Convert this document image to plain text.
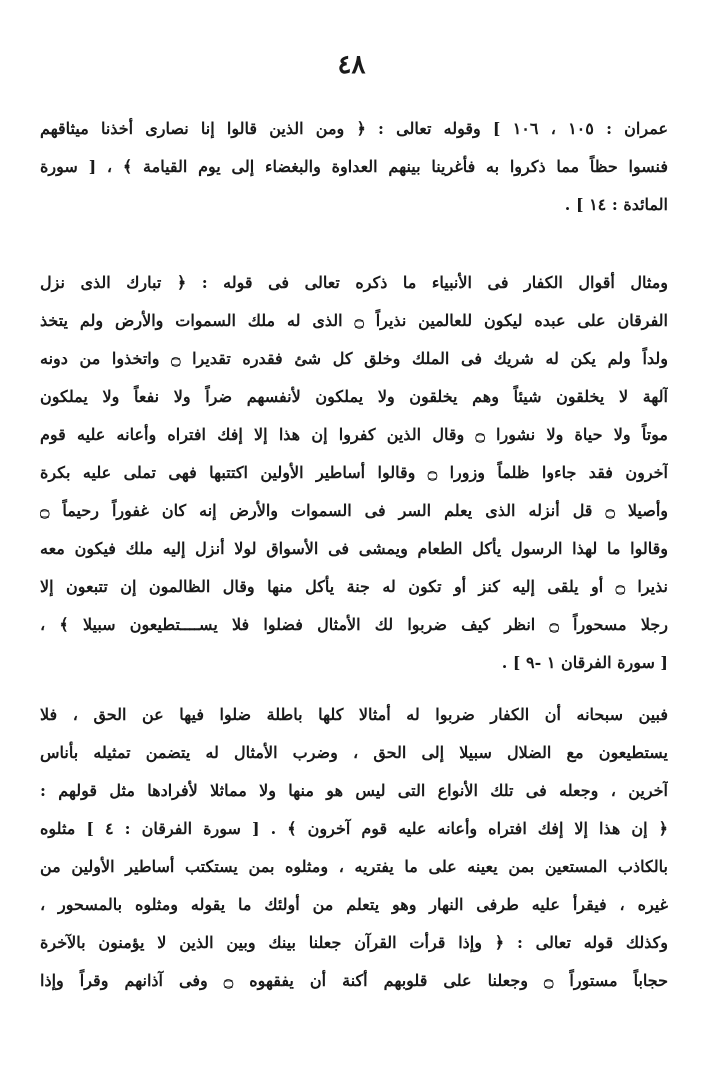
٤٨
عمران : ١٠٥ ، ١٠٦ ] وقوله تعالى : ﴿ ومن الذين قالوا إنا نصارى أخذنا ميثاقهم
فنسوا حظاً مما ذكروا به فأغرينا بينهم العداوة والبغضاء إلى يوم القيامة ﴾ ، [ سورة
المائدة : ١٤ ] .
ومثال أقوال الكفار فى الأنبياء ما ذكره تعالى فى قوله : ﴿ تبارك الذى نزل
الفرقان على عبده ليكون للعالمين نذيراً ۝ الذى له ملك السموات والأرض ولم يتخذ
ولداً ولم يكن له شريك فى الملك وخلق كل شئ فقدره تقديرا ۝ واتخذوا من دونه
آلهة لا يخلقون شيئاً وهم يخلقون ولا يملكون لأنفسهم ضراً ولا نفعاً ولا يملكون
موتاً ولا حياة ولا نشورا ۝ وقال الذين كفروا إن هذا إلا إفك افتراه وأعانه عليه قوم
آخرون فقد جاءوا ظلماً وزورا ۝ وقالوا أساطير الأولين اكتتبها فهى تملى عليه بكرة
وأصيلا ۝ قل أنزله الذى يعلم السر فى السموات والأرض إنه كان غفوراً رحيماً ۝
وقالوا ما لهذا الرسول يأكل الطعام ويمشى فى الأسواق لولا أنزل إليه ملك فيكون معه
نذيرا ۝ أو يلقى إليه كنز أو تكون له جنة يأكل منها وقال الظالمون إن تتبعون إلا
رجلا مسحوراً ۝ انظر كيف ضربوا لك الأمثال فضلوا فلا يســــتطيعون سبيلا ﴾ ،
[ سورة الفرقان ١ -٩ ] .
فبين سبحانه أن الكفار ضربوا له أمثالا كلها باطلة ضلوا فيها عن الحق ، فلا
يستطيعون مع الضلال سبيلا إلى الحق ، وضرب الأمثال له يتضمن تمثيله بأناس
آخرين ، وجعله فى تلك الأنواع التى ليس هو منها ولا مماثلا لأفرادها مثل قولهم :
﴿ إن هذا إلا إفك افتراه وأعانه عليه قوم آخرون ﴾ . [ سورة الفرقان : ٤ ] مثلوه
بالكاذب المستعين بمن يعينه على ما يفتريه ، ومثلوه بمن يستكتب أساطير الأولين من
غيره ، فيقرأ عليه طرفى النهار وهو يتعلم من أولئك ما يقوله ومثلوه بالمسحور ،
وكذلك قوله تعالى : ﴿ وإذا قرأت القرآن جعلنا بينك وبين الذين لا يؤمنون بالآخرة
حجاباً مستوراً ۝ وجعلنا على قلوبهم أكنة أن يفقهوه ۝ وفى آذانهم وقراً وإذا
